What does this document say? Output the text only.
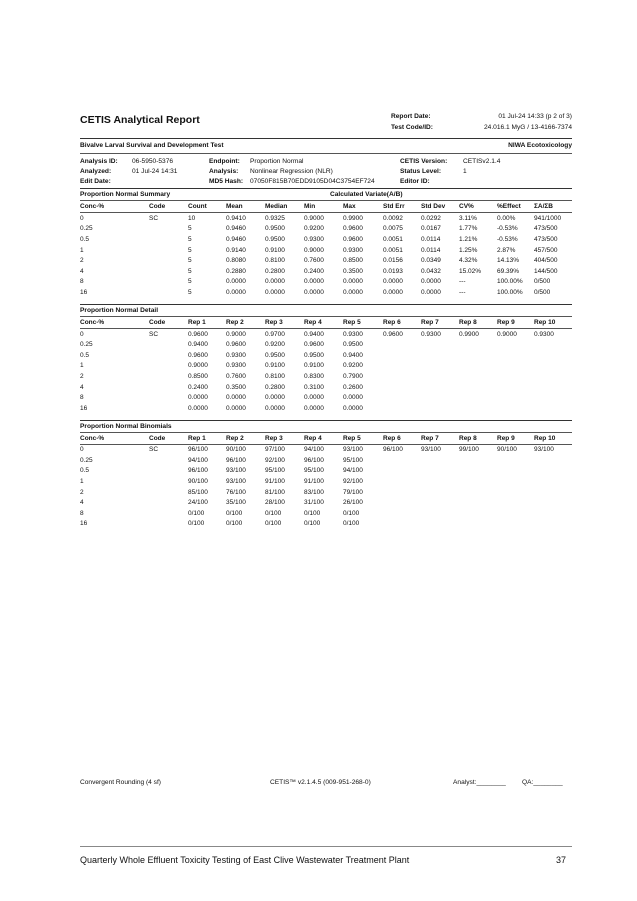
CETIS Analytical Report	Report Date:	01 Jul-24 14:33 (p 2 of 3)
Test Code/ID:	24.016.1 MyG / 13-4166-7374
Bivalve Larval Survival and Development Test	NIWA Ecotoxicology
Analysis ID: 06-5950-5376
Analyzed:	01 Jul-24 14:31
Edit Date:
Endpoint: Proportion Normal
Analysis: Nonlinear Regression (NLR)
MD5 Hash: 07050F815B70EDD9105D04C3754EF724
CETIS Version: CETISv2.1.4
Status Level:	1
Editor ID:
Proportion Normal Summary	Calculated Variate(A/B)
Conc-%	Code	Count	Mean	Median	Min	Max	Std Err	Std Dev	CV%	%Effect	ΣA/ΣB
0	SC	10	0.9410	0.9325	0.9000	0.9900	0.0092	0.0292	3.11%	0.00%	941/1000
0.25		5	0.9460	0.9500	0.9200	0.9600	0.0075	0.0167	1.77%	-0.53%	473/500
0.5		5	0.9460	0.9500	0.9300	0.9600	0.0051	0.0114	1.21%	-0.53%	473/500
1		5	0.9140	0.9100	0.9000	0.9300	0.0051	0.0114	1.25%	2.87%	457/500
2		5	0.8080	0.8100	0.7600	0.8500	0.0156	0.0349	4.32%	14.13%	404/500
4		5	0.2880	0.2800	0.2400	0.3500	0.0193	0.0432	15.02%	69.39%	144/500
8		5	0.0000	0.0000	0.0000	0.0000	0.0000	0.0000	---	100.00%	0/500
16		5	0.0000	0.0000	0.0000	0.0000	0.0000	0.0000	---	100.00%	0/500
Proportion Normal Detail
Conc-%	Code	Rep 1	Rep 2	Rep 3	Rep 4	Rep 5	Rep 6	Rep 7	Rep 8	Rep 9	Rep 10
0	SC	0.9600	0.9000	0.9700	0.9400	0.9300	0.9600	0.9300	0.9900	0.9000	0.9300
0.25		0.9400	0.9600	0.9200	0.9600	0.9500					
0.5		0.9600	0.9300	0.9500	0.9500	0.9400					
1		0.9000	0.9300	0.9100	0.9100	0.9200					
2		0.8500	0.7600	0.8100	0.8300	0.7900					
4		0.2400	0.3500	0.2800	0.3100	0.2600					
8		0.0000	0.0000	0.0000	0.0000	0.0000					
16		0.0000	0.0000	0.0000	0.0000	0.0000					
Proportion Normal Binomials
Conc-%	Code	Rep 1	Rep 2	Rep 3	Rep 4	Rep 5	Rep 6	Rep 7	Rep 8	Rep 9	Rep 10
0	SC	96/100	90/100	97/100	94/100	93/100	96/100	93/100	99/100	90/100	93/100
0.25		94/100	96/100	92/100	96/100	95/100					
0.5		96/100	93/100	95/100	95/100	94/100					
1		90/100	93/100	91/100	91/100	92/100					
2		85/100	76/100	81/100	83/100	79/100					
4		24/100	35/100	28/100	31/100	26/100					
8		0/100	0/100	0/100	0/100	0/100					
16		0/100	0/100	0/100	0/100	0/100					
Convergent Rounding (4 sf)	CETIS™ v2.1.4.5 (009-951-268-0)	Analyst:________ QA:________
Quarterly Whole Effluent Toxicity Testing of East Clive Wastewater Treatment Plant	37
